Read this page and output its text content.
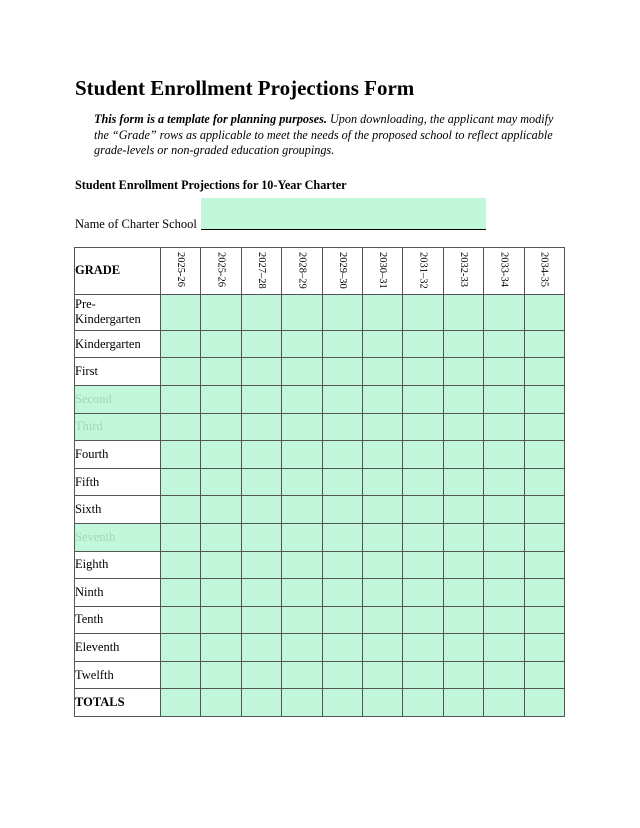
Student Enrollment Projections Form
This form is a template for planning purposes. Upon downloading, the applicant may modify the “Grade” rows as applicable to meet the needs of the proposed school to reflect applicable grade-levels or non-graded education groupings.
Student Enrollment Projections for 10-Year Charter
Name of Charter School
GRADE	2025-26	2025-26	2027–28	2028–29	2029–30	2030–31	2031–32	2032-33	2033-34	2034-35
Pre-Kindergarten										
Kindergarten										
First										
Second										
Third										
Fourth										
Fifth										
Sixth										
Seventh										
Eighth										
Ninth										
Tenth										
Eleventh										
Twelfth										
TOTALS										
